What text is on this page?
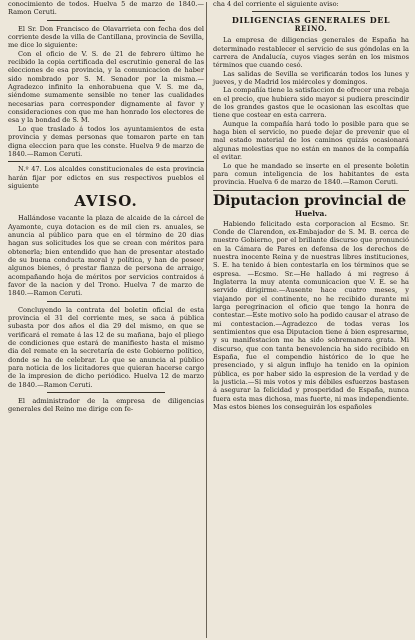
conocimiento de todos. Huelva 5 de marzo de 1840.—Ramon Ceruti.

El Sr. Don Francisco de Olavarrieta con fecha dos del corriente desde la villa de Cantillana, provincia de Sevilla, me dice lo siguiente:

Con el oficio de V. S. de 21 de febrero último he recibido la copia certificada del escrutinio general de las elecciones de esa provincia, y la comunicacion de haber sido nombrado por S. M. Senador por la misma.— Agradezco infinito la enhorabuena que V. S. me da, siéndome sumamente sensible no tener las cualidades necesarias para corresponder dignamente al favor y consideraciones con que me han honrado los electores de esa y la bondad de S. M.

Lo que traslado á todos los ayuntamientos de esta provincia y demas personas que tomaron parte en tan digna eleccion para que les conste. Huelva 9 de marzo de 1840.—Ramon Ceruti.

N.º 47. Los alcaldes constitucionales de esta provincia harán fijar por edictos en sus respectivos pueblos el siguiente

AVISO.

Hallándose vacante la plaza de alcaide de la cárcel de Ayamonte, cuya dotacion es de mil cien rs. anuales, se anuncia al público para que en el término de 20 dias hagan sus solicitudes los que se crean con méritos para obtenerla; bien entendido que han de presentar atestado de su buena conducta moral y política, y han de poseer algunos bienes, ó prestar fianza de persona de arraigo, acompañando hoja de méritos por servicios contraidos á favor de la nacion y del Trono. Huelva 7 de marzo de 1840.—Ramon Ceruti.

Concluyendo la contrata del boletin oficial de esta provincia el 31 del corriente mes, se saca á pública subasta por dos años el dia 29 del mismo, en que se verificará el remate á las 12 de su mañana, bajo el pliego de condiciones que estará de manifiesto hasta el mismo dia del remate en la secretaría de este Gobierno político, donde se ha de celebrar. Lo que se anuncia al público para noticia de los licitadores que quieran hacerse cargo de la impresion de dicho periódico. Huelva 12 de marzo de 1840.—Ramon Ceruti.

El administrador de la empresa de diligencias generales del Reino me dirige con fe-

cha 4 del corriente el siguiente aviso:

DILIGENCIAS GENERALES DEL
REINO.

La empresa de diligencias generales de España ha determinado restablecer el servicio de sus góndolas en la carrera de Andalucía, cuyos viages serán en los mismos términos que cuando cesó.

Las salidas de Sevilla se verificarán todos los lunes y jueves, y de Madrid los miércoles y domingos.

La compañía tiene la satisfaccion de ofrecer una rebaja en el precio, que hubiera sido mayor si pudiera prescindir de los grandes gastos que le ocasionan las escoltas que tiene que costear en esta carrera.

Aunque la compañía hará todo lo posible para que se haga bien el servicio, no puede dejar de prevenir que el mal estado material de los caminos quizás ocasionará algunas molestias que no están en manos de la compañía el evitar.

Lo que he mandado se inserte en el presente boletin para comun inteligencia de los habitantes de esta provincia. Huelva 6 de marzo de 1840.—Ramon Ceruti.

Diputacion provincial de
Huelva.

Habiendo felicitado esta corporacion al Ecsmo. Sr. Conde de Clarendon, ex-Embajador de S. M. B. cerca de nuestro Gobierno, por el brillante discurso que pronunció en la Cámara de Pares en defensa de los derechos de nuestra inocente Reina y de nuestras libres instituciones, S. E. ha tenido á bien contestarla en los términos que se espresa. —Ecsmo. Sr.—He hallado á mi regreso á Inglaterra la muy atenta comunicacion que V. E. se ha servido dirigirme.—Ausente hace cuatro meses, y viajando por el continente, no he recibido durante mi larga peregrinacion el oficio que tengo la honra de contestar.—Este motivo solo ha podido causar el atraso de mi contestacion.—Agradezco de todas veras los sentimientos que esa Diputacion tiene á bien espresarme, y su manifestacion me ha sido sobremanera grata. Mi discurso, que con tanta benevolencia ha sido recibido en España, fue el compendio histórico de lo que he presenciado, y si algun influjo ha tenido en la opinion pública, es por haber sido la espresion de la verdad y de la justicia.—Si mis votos y mis débiles esfuerzos bastasen á asegurar la felicidad y prosperidad de España, nunca fuera esta mas dichosa, mas fuerte, ni mas independiente. Mas estos bienes los conseguirán los españoles
